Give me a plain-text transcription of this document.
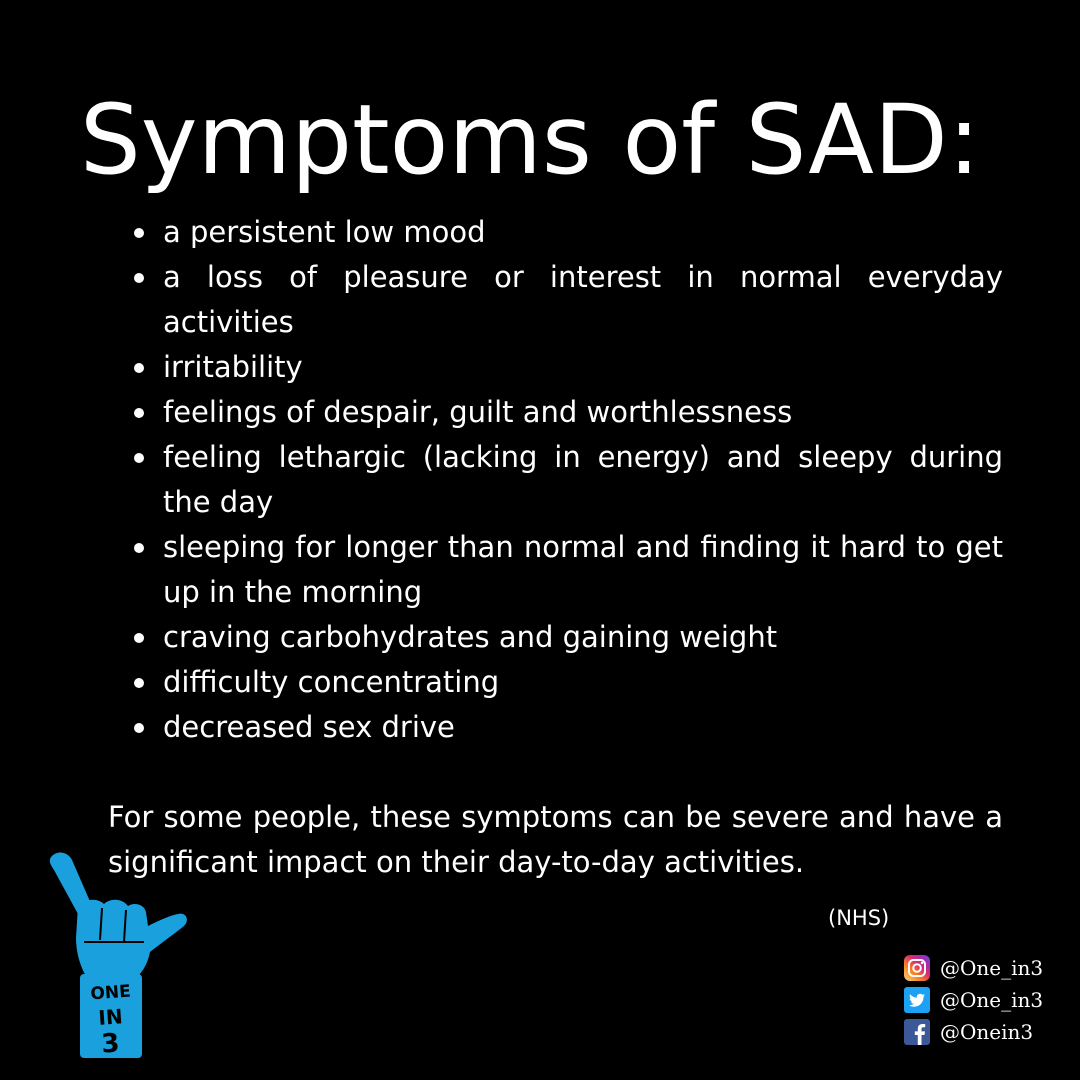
Symptoms of SAD:
a persistent low mood
a loss of pleasure or interest in normal everyday activities
irritability
feelings of despair, guilt and worthlessness
feeling lethargic (lacking in energy) and sleepy during the day
sleeping for longer than normal and finding it hard to get up in the morning
craving carbohydrates and gaining weight
difficulty concentrating
decreased sex drive

For some people, these symptoms can be severe and have a significant impact on their day-to-day activities.

(NHS)
ONE
IN
3
@One_in3
@One_in3
@Onein3
